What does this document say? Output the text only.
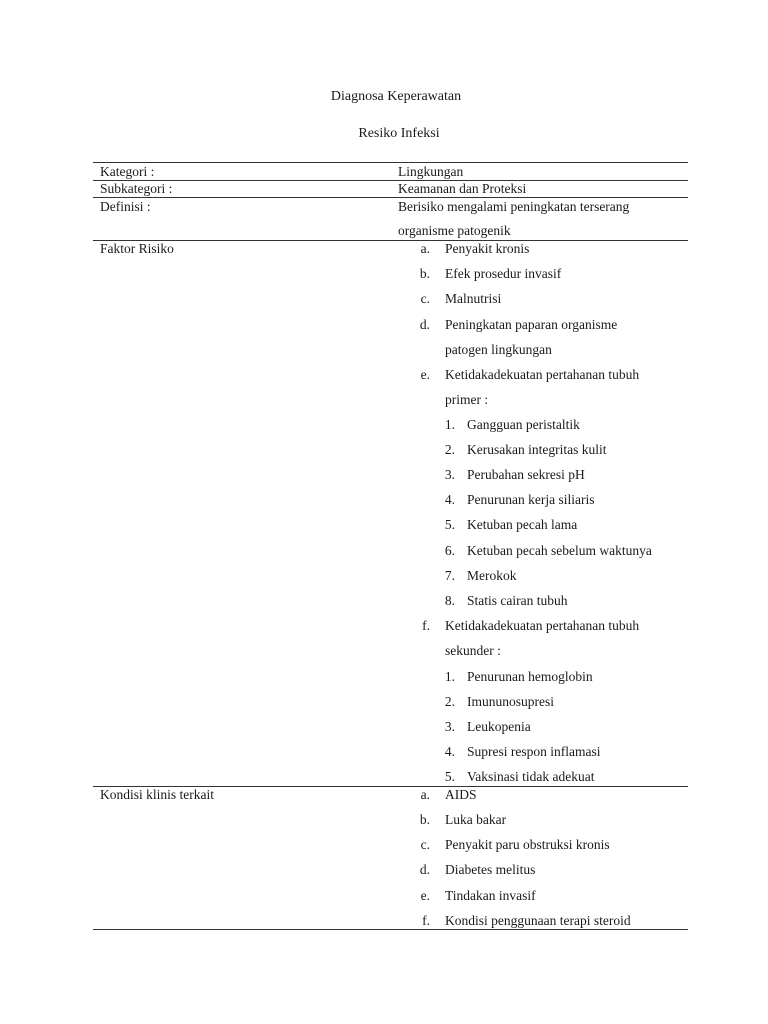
Diagnosa Keperawatan
Resiko Infeksi
Kategori :	Lingkungan
Subkategori :	Keamanan dan Proteksi
Definisi :	Berisiko mengalami peningkatan terserang
organisme patogenik
Faktor Risiko	a. Penyakit kronis
b. Efek prosedur invasif
c. Malnutrisi
d. Peningkatan paparan organisme
patogen lingkungan
e. Ketidakadekuatan pertahanan tubuh
primer :
1. Gangguan peristaltik
2. Kerusakan integritas kulit
3. Perubahan sekresi pH
4. Penurunan kerja siliaris
5. Ketuban pecah lama
6. Ketuban pecah sebelum waktunya
7. Merokok
8. Statis cairan tubuh
f. Ketidakadekuatan pertahanan tubuh
sekunder :
1. Penurunan hemoglobin
2. Imununosupresi
3. Leukopenia
4. Supresi respon inflamasi
5. Vaksinasi tidak adekuat
Kondisi klinis terkait	a. AIDS
b. Luka bakar
c. Penyakit paru obstruksi kronis
d. Diabetes melitus
e. Tindakan invasif
f. Kondisi penggunaan terapi steroid
